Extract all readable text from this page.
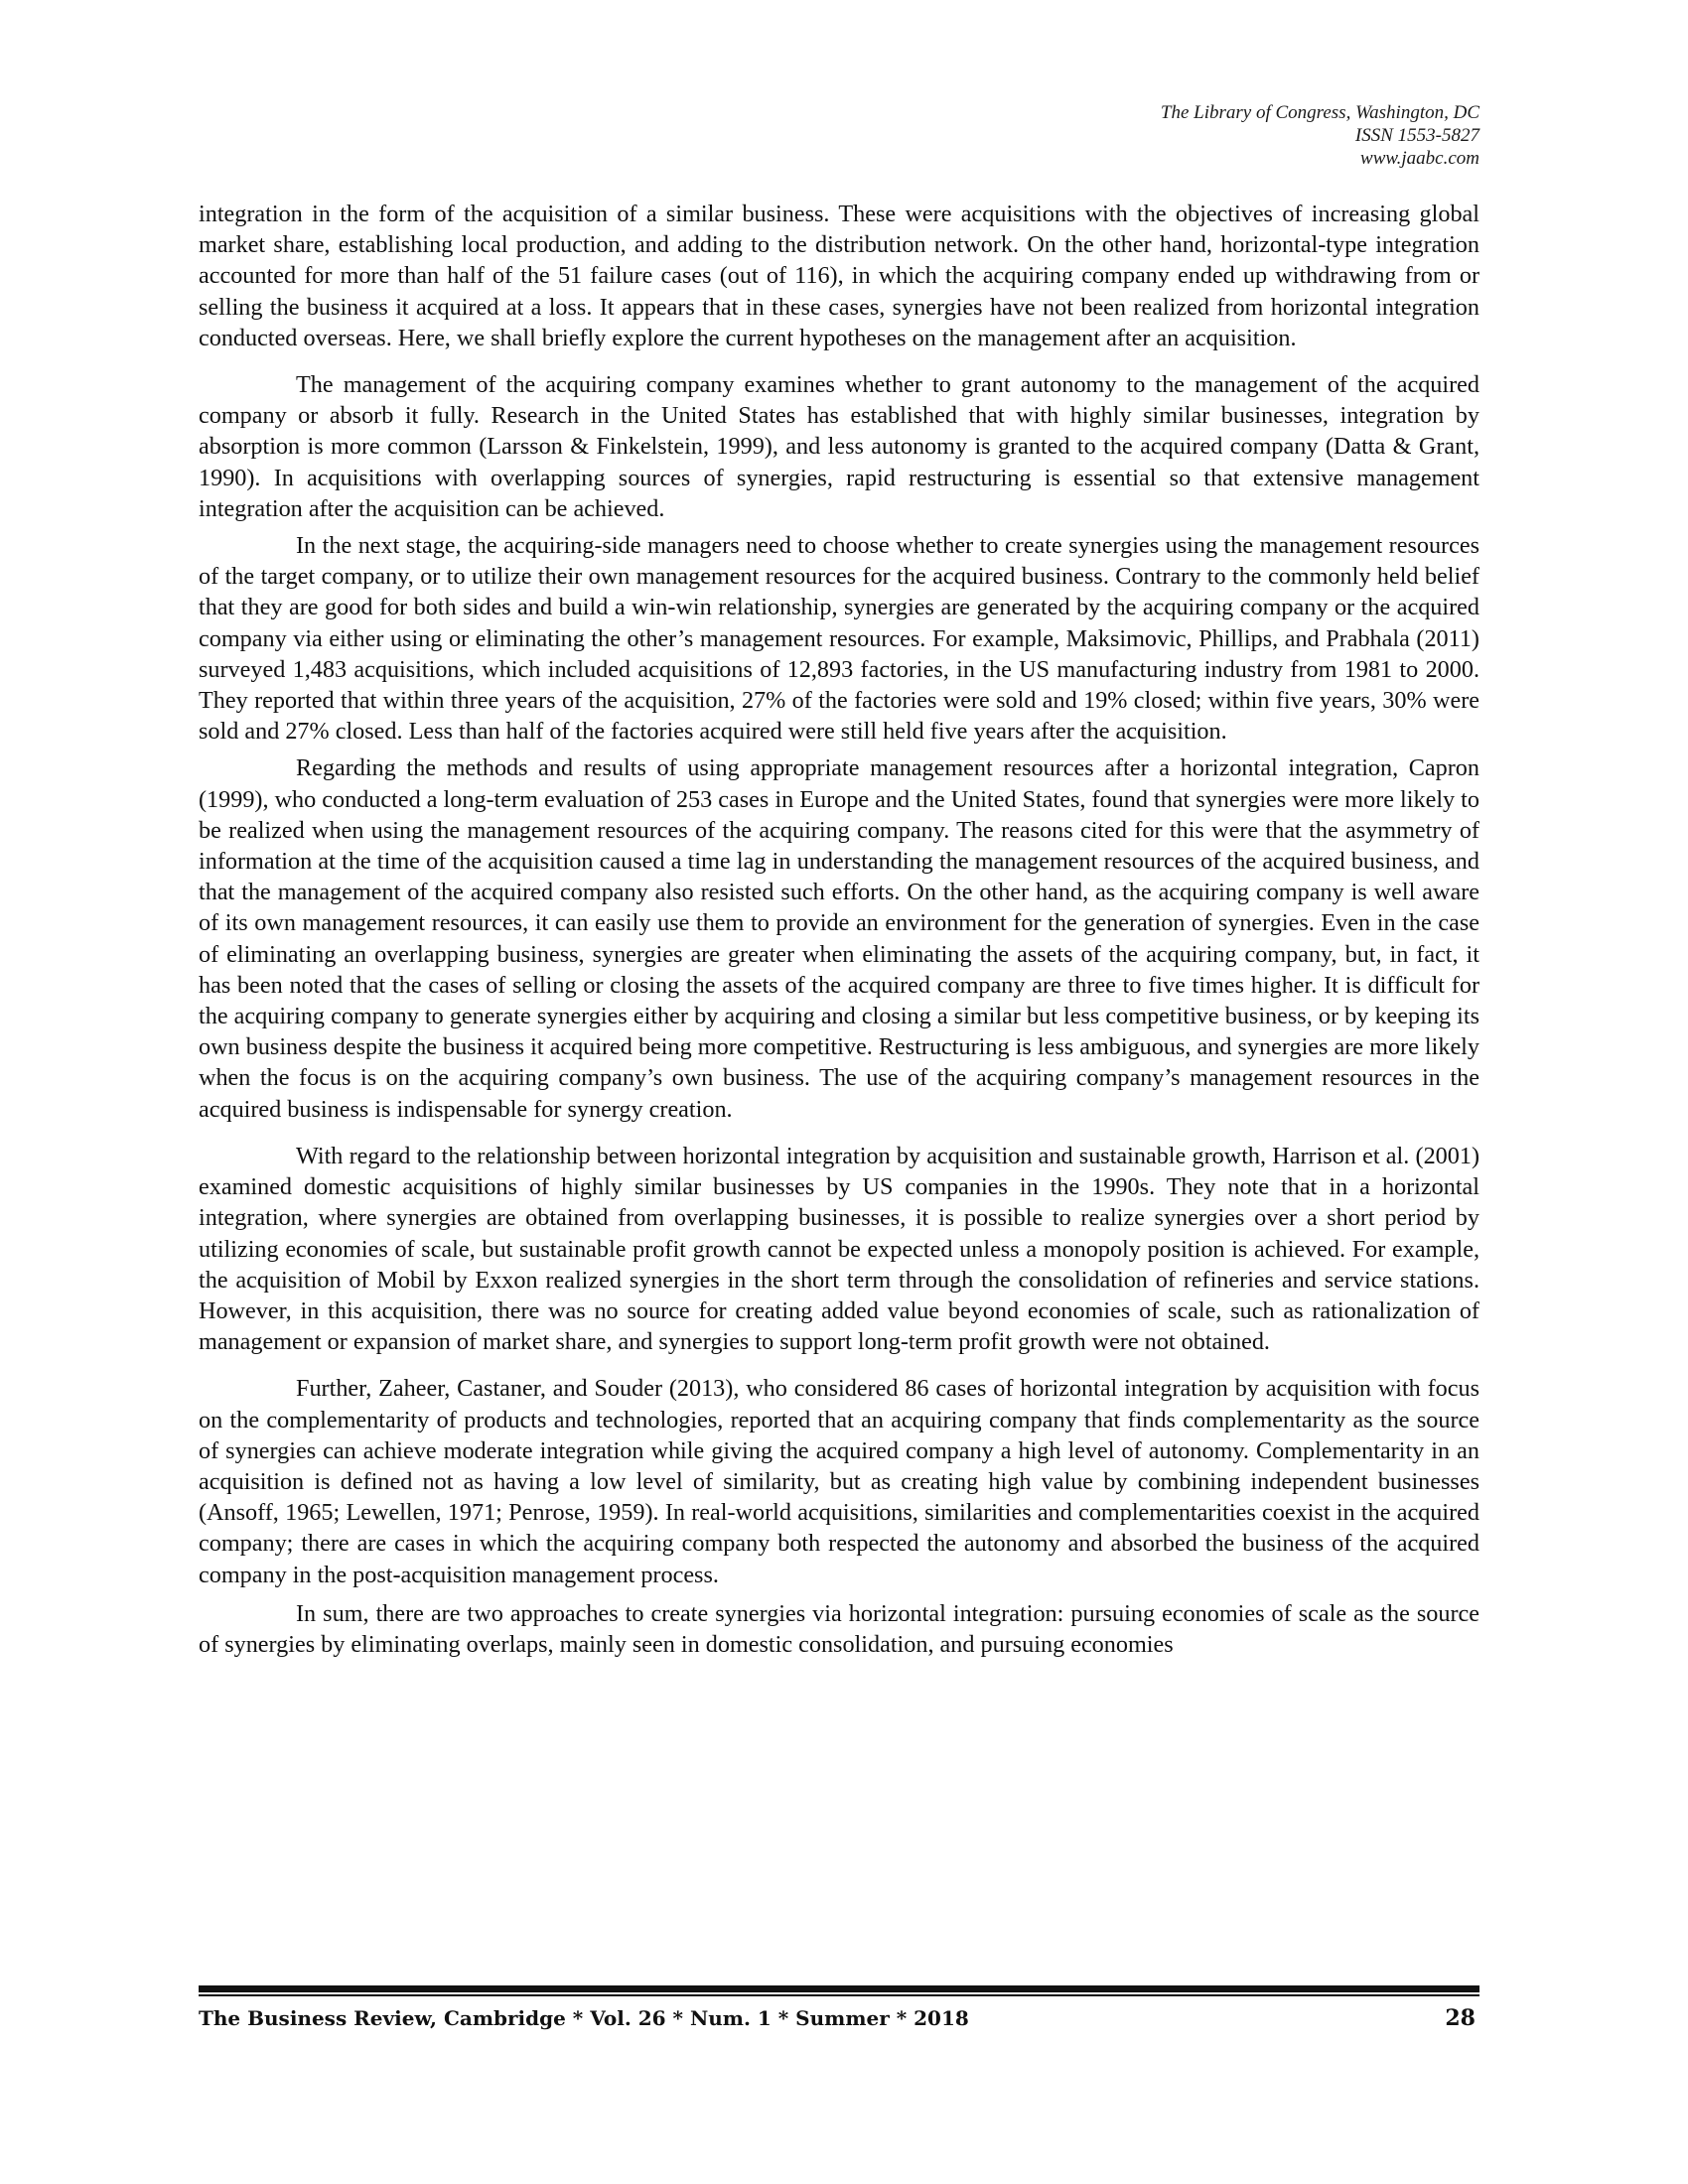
The Library of Congress, Washington, DC
ISSN 1553-5827
www.jaabc.com

integration in the form of the acquisition of a similar business. These were acquisitions with the objectives of increasing global market share, establishing local production, and adding to the distribution network. On the other hand, horizontal-type integration accounted for more than half of the 51 failure cases (out of 116), in which the acquiring company ended up withdrawing from or selling the business it acquired at a loss. It appears that in these cases, synergies have not been realized from horizontal integration conducted overseas. Here, we shall briefly explore the current hypotheses on the management after an acquisition.

The management of the acquiring company examines whether to grant autonomy to the management of the acquired company or absorb it fully. Research in the United States has established that with highly similar businesses, integration by absorption is more common (Larsson & Finkelstein, 1999), and less autonomy is granted to the acquired company (Datta & Grant, 1990). In acquisitions with overlapping sources of synergies, rapid restructuring is essential so that extensive management integration after the acquisition can be achieved.

In the next stage, the acquiring-side managers need to choose whether to create synergies using the management resources of the target company, or to utilize their own management resources for the acquired business. Contrary to the commonly held belief that they are good for both sides and build a win-win relationship, synergies are generated by the acquiring company or the acquired company via either using or eliminating the other’s management resources. For example, Maksimovic, Phillips, and Prabhala (2011) surveyed 1,483 acquisitions, which included acquisitions of 12,893 factories, in the US manufacturing industry from 1981 to 2000. They reported that within three years of the acquisition, 27% of the factories were sold and 19% closed; within five years, 30% were sold and 27% closed. Less than half of the factories acquired were still held five years after the acquisition.

Regarding the methods and results of using appropriate management resources after a horizontal integration, Capron (1999), who conducted a long-term evaluation of 253 cases in Europe and the United States, found that synergies were more likely to be realized when using the management resources of the acquiring company. The reasons cited for this were that the asymmetry of information at the time of the acquisition caused a time lag in understanding the management resources of the acquired business, and that the management of the acquired company also resisted such efforts. On the other hand, as the acquiring company is well aware of its own management resources, it can easily use them to provide an environment for the generation of synergies. Even in the case of eliminating an overlapping business, synergies are greater when eliminating the assets of the acquiring company, but, in fact, it has been noted that the cases of selling or closing the assets of the acquired company are three to five times higher. It is difficult for the acquiring company to generate synergies either by acquiring and closing a similar but less competitive business, or by keeping its own business despite the business it acquired being more competitive. Restructuring is less ambiguous, and synergies are more likely when the focus is on the acquiring company’s own business. The use of the acquiring company’s management resources in the acquired business is indispensable for synergy creation.

With regard to the relationship between horizontal integration by acquisition and sustainable growth, Harrison et al. (2001) examined domestic acquisitions of highly similar businesses by US companies in the 1990s. They note that in a horizontal integration, where synergies are obtained from overlapping businesses, it is possible to realize synergies over a short period by utilizing economies of scale, but sustainable profit growth cannot be expected unless a monopoly position is achieved. For example, the acquisition of Mobil by Exxon realized synergies in the short term through the consolidation of refineries and service stations. However, in this acquisition, there was no source for creating added value beyond economies of scale, such as rationalization of management or expansion of market share, and synergies to support long-term profit growth were not obtained.

Further, Zaheer, Castaner, and Souder (2013), who considered 86 cases of horizontal integration by acquisition with focus on the complementarity of products and technologies, reported that an acquiring company that finds complementarity as the source of synergies can achieve moderate integration while giving the acquired company a high level of autonomy. Complementarity in an acquisition is defined not as having a low level of similarity, but as creating high value by combining independent businesses (Ansoff, 1965; Lewellen, 1971; Penrose, 1959). In real-world acquisitions, similarities and complementarities coexist in the acquired company; there are cases in which the acquiring company both respected the autonomy and absorbed the business of the acquired company in the post-acquisition management process.

In sum, there are two approaches to create synergies via horizontal integration: pursuing economies of scale as the source of synergies by eliminating overlaps, mainly seen in domestic consolidation, and pursuing economies

The Business Review, Cambridge * Vol. 26 * Num. 1 * Summer * 2018	28
